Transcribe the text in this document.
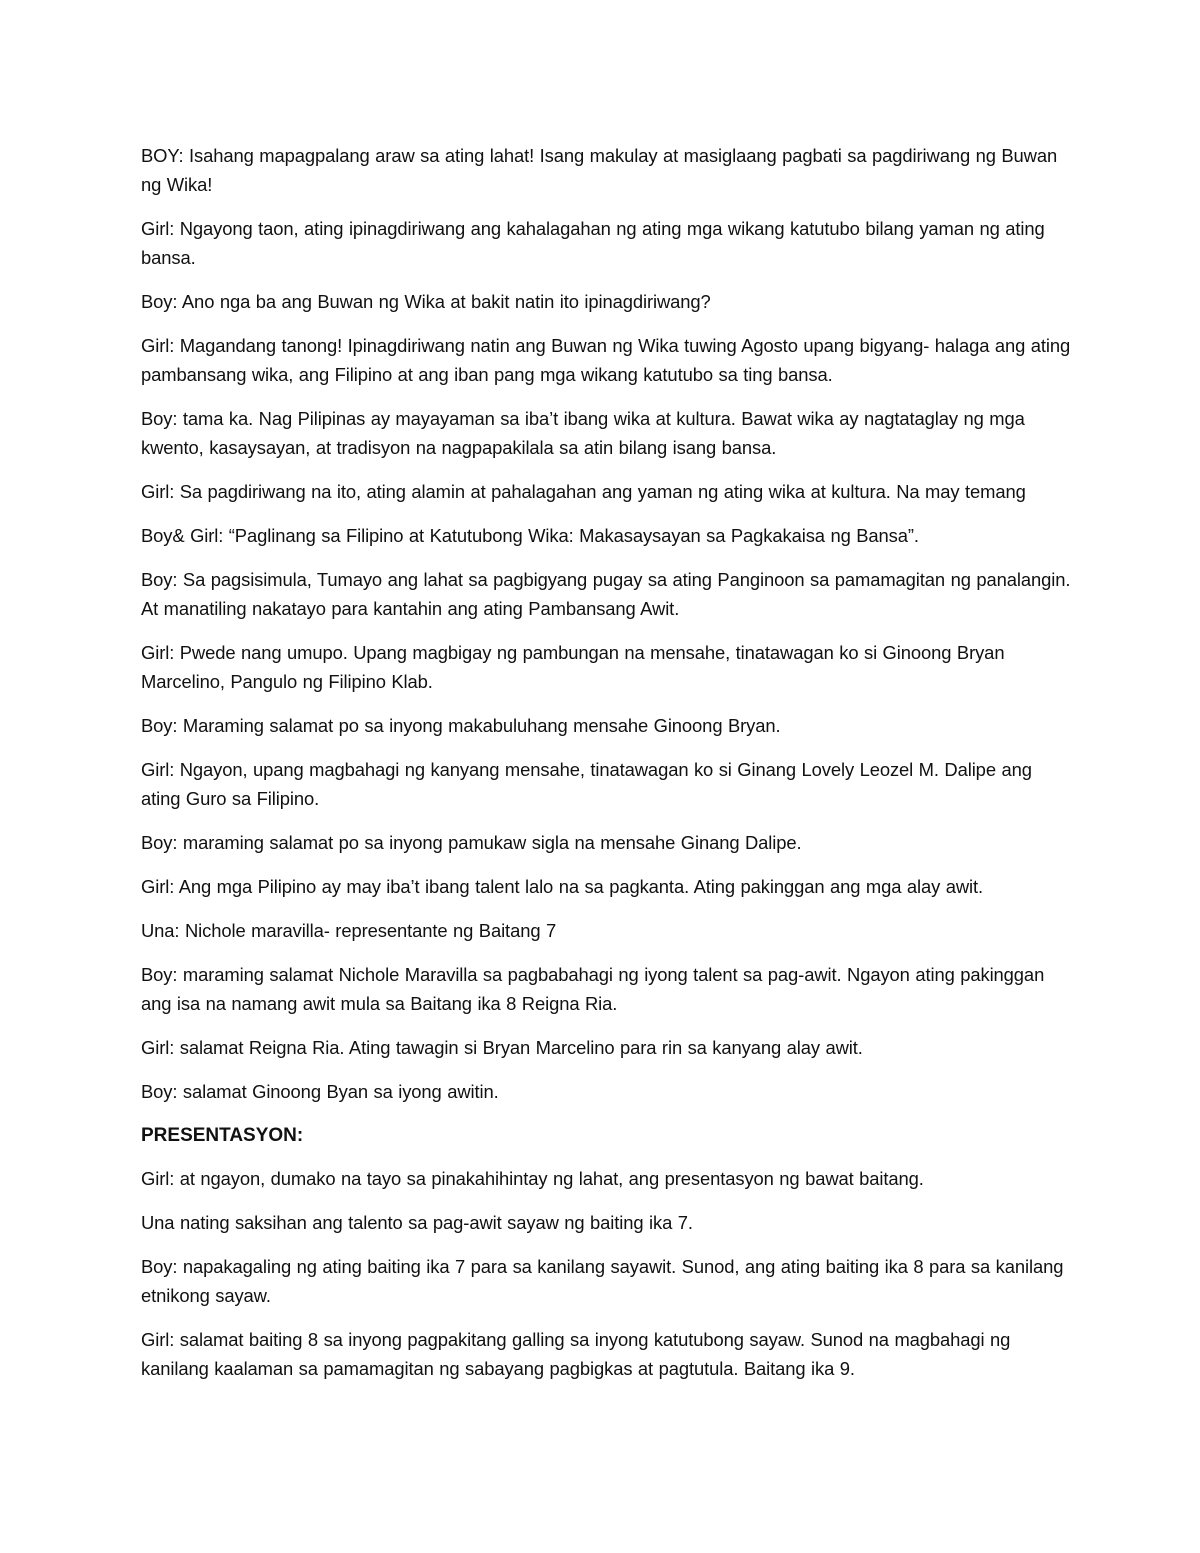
BOY: Isahang mapagpalang araw sa ating lahat! Isang makulay at masiglaang pagbati sa pagdiriwang ng Buwan ng Wika!

Girl: Ngayong taon, ating ipinagdiriwang ang kahalagahan ng ating mga wikang katutubo bilang yaman ng ating bansa.

Boy: Ano nga ba ang Buwan ng Wika at bakit natin ito ipinagdiriwang?

Girl: Magandang tanong! Ipinagdiriwang natin ang Buwan ng Wika tuwing Agosto upang bigyang- halaga ang ating pambansang wika, ang Filipino at ang iban pang mga wikang katutubo sa ting bansa.

Boy: tama ka. Nag Pilipinas ay mayayaman sa iba’t ibang wika at kultura. Bawat wika ay nagtataglay ng mga kwento, kasaysayan, at tradisyon na nagpapakilala sa atin bilang isang bansa.

Girl: Sa pagdiriwang na ito, ating alamin at pahalagahan ang yaman ng ating wika at kultura. Na may temang

Boy& Girl: “Paglinang sa Filipino at Katutubong Wika: Makasaysayan sa Pagkakaisa ng Bansa”.

Boy: Sa pagsisimula, Tumayo ang lahat sa pagbigyang pugay sa ating Panginoon sa pamamagitan ng panalangin. At manatiling nakatayo para kantahin ang ating Pambansang Awit.

Girl: Pwede nang umupo. Upang magbigay ng pambungan na mensahe, tinatawagan ko si Ginoong Bryan Marcelino, Pangulo ng Filipino Klab.

Boy: Maraming salamat po sa inyong makabuluhang mensahe Ginoong Bryan.

Girl: Ngayon, upang magbahagi ng kanyang mensahe, tinatawagan ko si Ginang Lovely Leozel M. Dalipe ang ating Guro sa Filipino.

Boy: maraming salamat po sa inyong pamukaw sigla na mensahe Ginang Dalipe.

Girl: Ang mga Pilipino ay may iba’t ibang talent lalo na sa pagkanta. Ating pakinggan ang mga alay awit.

Una: Nichole maravilla- representante ng Baitang 7

Boy: maraming salamat Nichole Maravilla sa pagbabahagi ng iyong talent sa pag-awit. Ngayon ating pakinggan ang isa na namang awit mula sa Baitang ika 8 Reigna Ria.

Girl: salamat Reigna Ria. Ating tawagin si Bryan Marcelino para rin sa kanyang alay awit.

Boy: salamat Ginoong Byan sa iyong awitin.

PRESENTASYON:

Girl: at ngayon, dumako na tayo sa pinakahihintay ng lahat, ang presentasyon ng bawat baitang.

Una nating saksihan ang talento sa pag-awit sayaw ng baiting ika 7.

Boy: napakagaling ng ating baiting ika 7 para sa kanilang sayawit. Sunod, ang ating baiting ika 8 para sa kanilang etnikong sayaw.

Girl: salamat baiting 8 sa inyong pagpakitang galling sa inyong katutubong sayaw. Sunod na magbahagi ng kanilang kaalaman sa pamamagitan ng sabayang pagbigkas at pagtutula. Baitang ika 9.
